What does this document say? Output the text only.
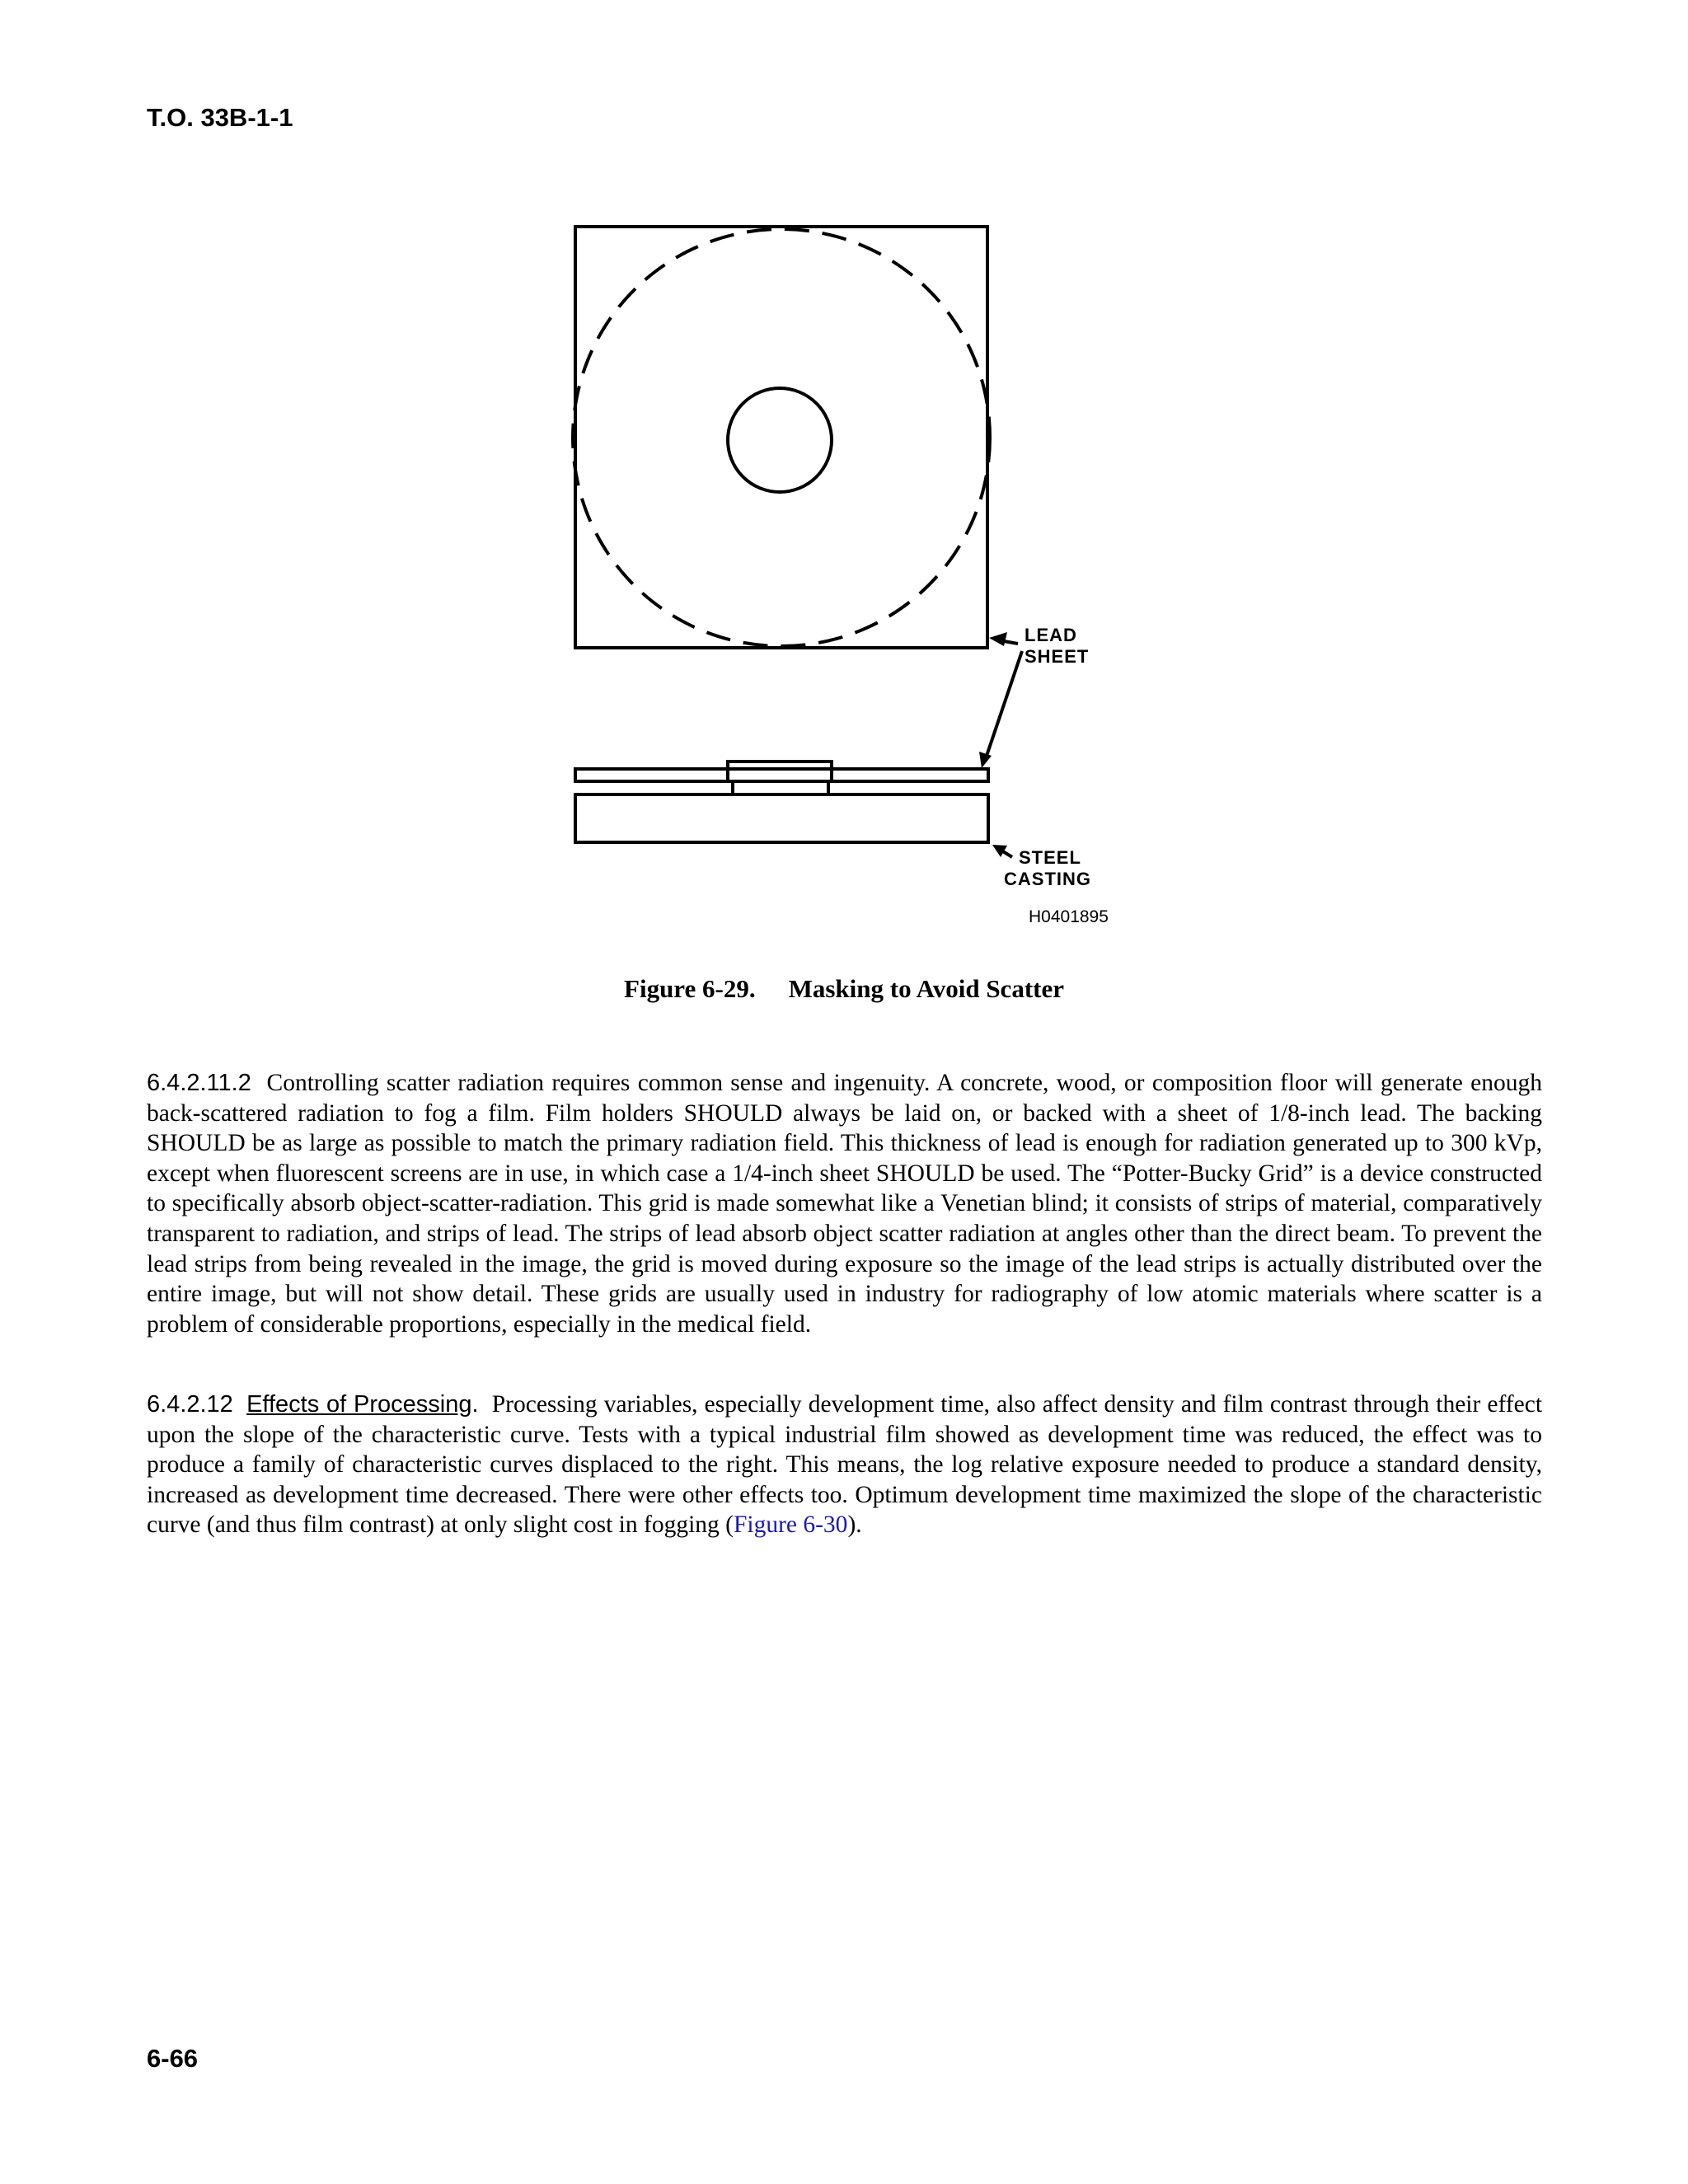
T.O. 33B-1-1
LEAD
SHEET
STEEL
CASTING
H0401895
Figure 6-29. Masking to Avoid Scatter
6.4.2.11.2 Controlling scatter radiation requires common sense and ingenuity. A concrete, wood, or composition floor will generate enough back-scattered radiation to fog a film. Film holders SHOULD always be laid on, or backed with a sheet of 1/8-inch lead. The backing SHOULD be as large as possible to match the primary radiation field. This thickness of lead is enough for radiation generated up to 300 kVp, except when fluorescent screens are in use, in which case a 1/4-inch sheet SHOULD be used. The “Potter-Bucky Grid” is a device constructed to specifically absorb object-scatter-radiation. This grid is made somewhat like a Venetian blind; it consists of strips of material, comparatively transparent to radiation, and strips of lead. The strips of lead absorb object scatter radiation at angles other than the direct beam. To prevent the lead strips from being revealed in the image, the grid is moved during exposure so the image of the lead strips is actually distributed over the entire image, but will not show detail. These grids are usually used in industry for radiography of low atomic materials where scatter is a problem of considerable proportions, especially in the medical field.
6.4.2.12 Effects of Processing. Processing variables, especially development time, also affect density and film contrast through their effect upon the slope of the characteristic curve. Tests with a typical industrial film showed as development time was reduced, the effect was to produce a family of characteristic curves displaced to the right. This means, the log relative exposure needed to produce a standard density, increased as development time decreased. There were other effects too. Optimum development time maximized the slope of the characteristic curve (and thus film contrast) at only slight cost in fogging (Figure 6-30).
6-66
